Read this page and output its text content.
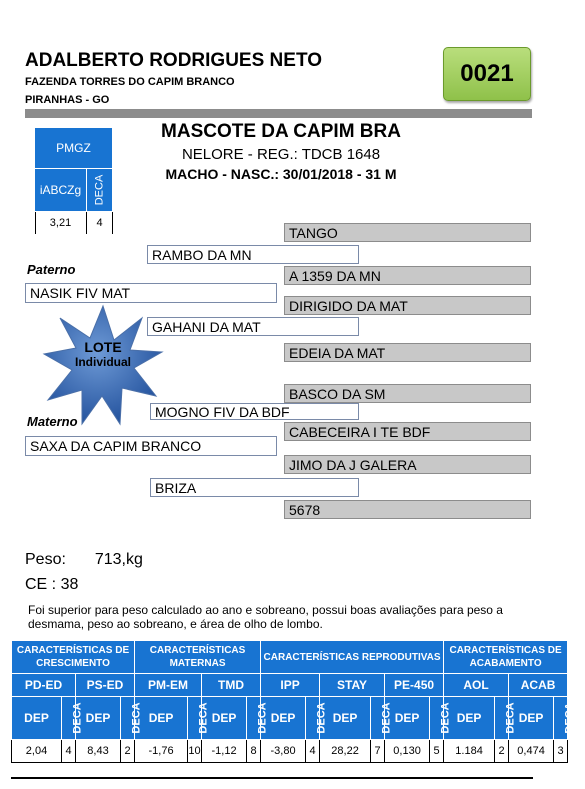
ADALBERTO RODRIGUES NETO
FAZENDA TORRES DO CAPIM BRANCO
PIRANHAS - GO
0021
PMGZ
iABCZg	DECA
3,21	4
MASCOTE DA CAPIM BRA
NELORE - REG.: TDCB 1648
MACHO - NASC.: 30/01/2018 - 31 M
TANGO
RAMBO DA MN
A 1359 DA MN
Paterno
NASIK FIV MAT
DIRIGIDO DA MAT
GAHANI DA MAT
EDEIA DA MAT
LOTE
Individual
BASCO DA SM
MOGNO FIV DA BDF
Materno
CABECEIRA I TE BDF
SAXA DA CAPIM BRANCO
JIMO DA J GALERA
BRIZA
5678
Peso: 713,kg
CE : 38
Foi superior para peso calculado ao ano e sobreano, possui boas avaliações para peso a desmama, peso ao sobreano, e área de olho de lombo.
CARACTERÍSTICAS DE CRESCIMENTO				CARACTERÍSTICAS MATERNAS				CARACTERÍSTICAS REPRODUTIVAS						CARACTERÍSTICAS DE ACABAMENTO			
PD-ED		PS-ED		PM-EM		TMD		IPP		STAY		PE-450		AOL		ACAB	
DEP	DECA	DEP	DECA	DEP	DECA	DEP	DECA	DEP	DECA	DEP	DECA	DEP	DECA	DEP	DECA	DEP	DECA
2,04	4	8,43	2	-1,76	10	-1,12	8	-3,80	4	28,22	7	0,130	5	1.184	2	0,474	3
